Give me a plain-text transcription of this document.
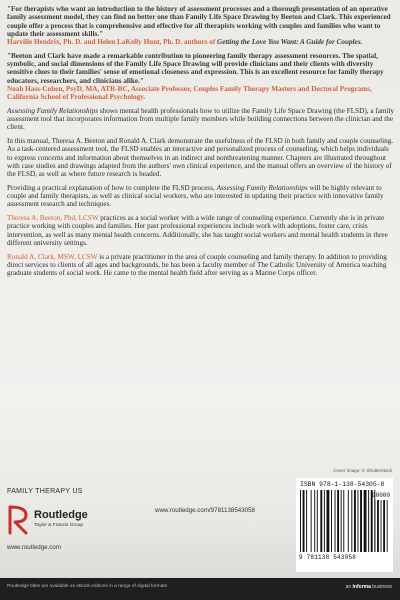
"For therapists who want an introduction to the history of assessment processes and a thorough presentation of an operative family assessment model, they can find no better one than Family Life Space Drawing by Beeton and Clark. This experienced couple offer a process that is comprehensive and effective for all therapists working with couples and families who want to update their assessment skills."
Harville Hendrix, Ph. D. and Helen LaKelly Hunt, Ph. D. authors of Getting the Love You Want: A Guide for Couples.

"Beeton and Clark have made a remarkable contribution to pioneering family therapy assessment resources. The spatial, symbolic, and social dimensions of the Family Life Space Drawing will provide clinicians and their clients with diversity sensitive clues to their families' sense of emotional closeness and expression. This is an excellent resource for family therapy educators, researchers, and clinicians alike."
Noah Hass-Cohen, PsyD, MA, ATR-BC, Associate Professor, Couples Family Therapy Masters and Doctoral Programs, California School of Professional Psychology.

Assessing Family Relationships shows mental health professionals how to utilize the Family Life Space Drawing (the FLSD), a family assessment tool that incorporates information from multiple family members while building connections between the clinician and the client.

In this manual, Theresa A. Beeton and Ronald A. Clark demonstrate the usefulness of the FLSD in both family and couple counseling. As a task-centered assessment tool, the FLSD enables an interactive and personalized process of counseling, which helps individuals to express concerns and information about themselves in an indirect and nonthreatening manner. Chapters are illustrated throughout with case studies and drawings adapted from the authors' own clinical experience, and the manual offers an overview of the history of the FLSD, as well as where future research is headed.

Providing a practical explanation of how to complete the FLSD process, Assessing Family Relationships will be highly relevant to couple and family therapists, as well as clinical social workers, who are interested in updating their practice with innovative family assessment research and techniques.

Theresa A. Beeton, Phd, LCSW practices as a social worker with a wide range of counseling experience. Currently she is in private practice working with couples and families. Her past professional experiences include work with adoptions, foster care, crisis intervention, as well as many mental health concerns. Additionally, she has taught social workers and mental health students in three different university settings.

Ronald A. Clark, MSW, LCSW is a private practitioner in the area of couple counseling and family therapy. In addition to providing direct services to clients of all ages and backgrounds, he has been a faculty member of The Catholic University of America teaching graduate students of social work. He came to the mental health field after serving as a Marine Corps officer.

Cover image: © Shutterstock
FAMILY THERAPY US
Routledge
Taylor & Francis Group
www.routledge.com/9781138543058
www.routledge.com
ISBN 978-1-138-54305-8
90000
9 781138 543058
Routledge titles are available as eBook editions in a range of digital formats	an informa business
